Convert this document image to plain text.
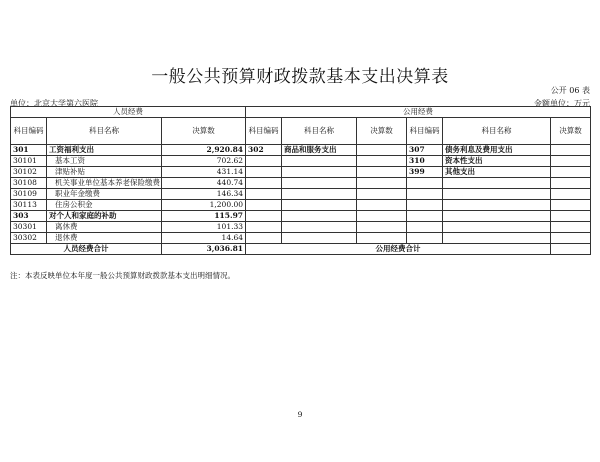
一般公共预算财政拨款基本支出决算表
公开 06 表
单位：北京大学第六医院	金额单位：万元
人员经费			公用经费					
科目编码	科目名称	决算数	科目编码	科目名称	决算数	科目编码	科目名称	决算数
301	工资福利支出	2,920.84	302	商品和服务支出		307	债务利息及费用支出	
30101	基本工资	702.62				310	资本性支出	
30102	津贴补贴	431.14				399	其他支出	
30108	机关事业单位基本养老保险缴费	440.74						
30109	职业年金缴费	146.34						
30113	住房公积金	1,200.00						
303	对个人和家庭的补助	115.97						
30301	离休费	101.33						
30302	退休费	14.64						
人员经费合计		3,036.81	公用经费合计					
注：本表反映单位本年度一般公共预算财政拨款基本支出明细情况。
9
